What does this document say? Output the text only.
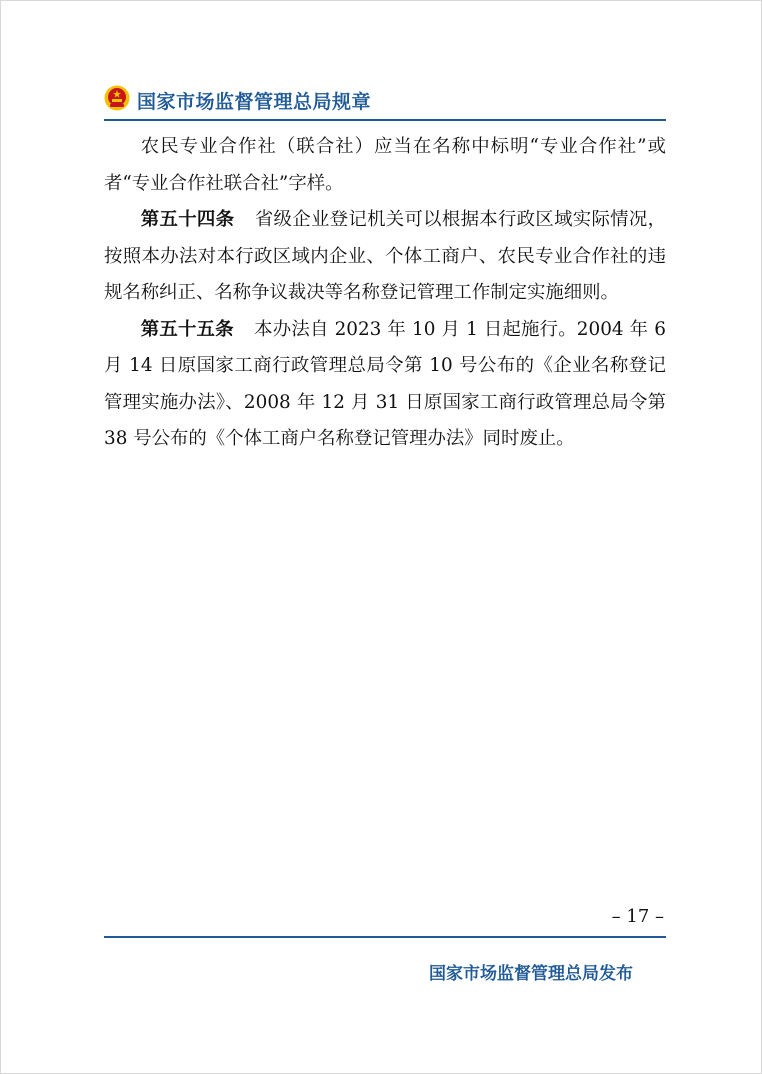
国家市场监督管理总局规章

农民专业合作社（联合社）应当在名称中标明“专业合作社”或者“专业合作社联合社”字样。

第五十四条 省级企业登记机关可以根据本行政区域实际情况，按照本办法对本行政区域内企业、个体工商户、农民专业合作社的违规名称纠正、名称争议裁决等名称登记管理工作制定实施细则。

第五十五条 本办法自 2023 年 10 月 1 日起施行。2004 年 6 月 14 日原国家工商行政管理总局令第 10 号公布的《企业名称登记管理实施办法》、2008 年 12 月 31 日原国家工商行政管理总局令第 38 号公布的《个体工商户名称登记管理办法》同时废止。

– 17 –
国家市场监督管理总局发布
